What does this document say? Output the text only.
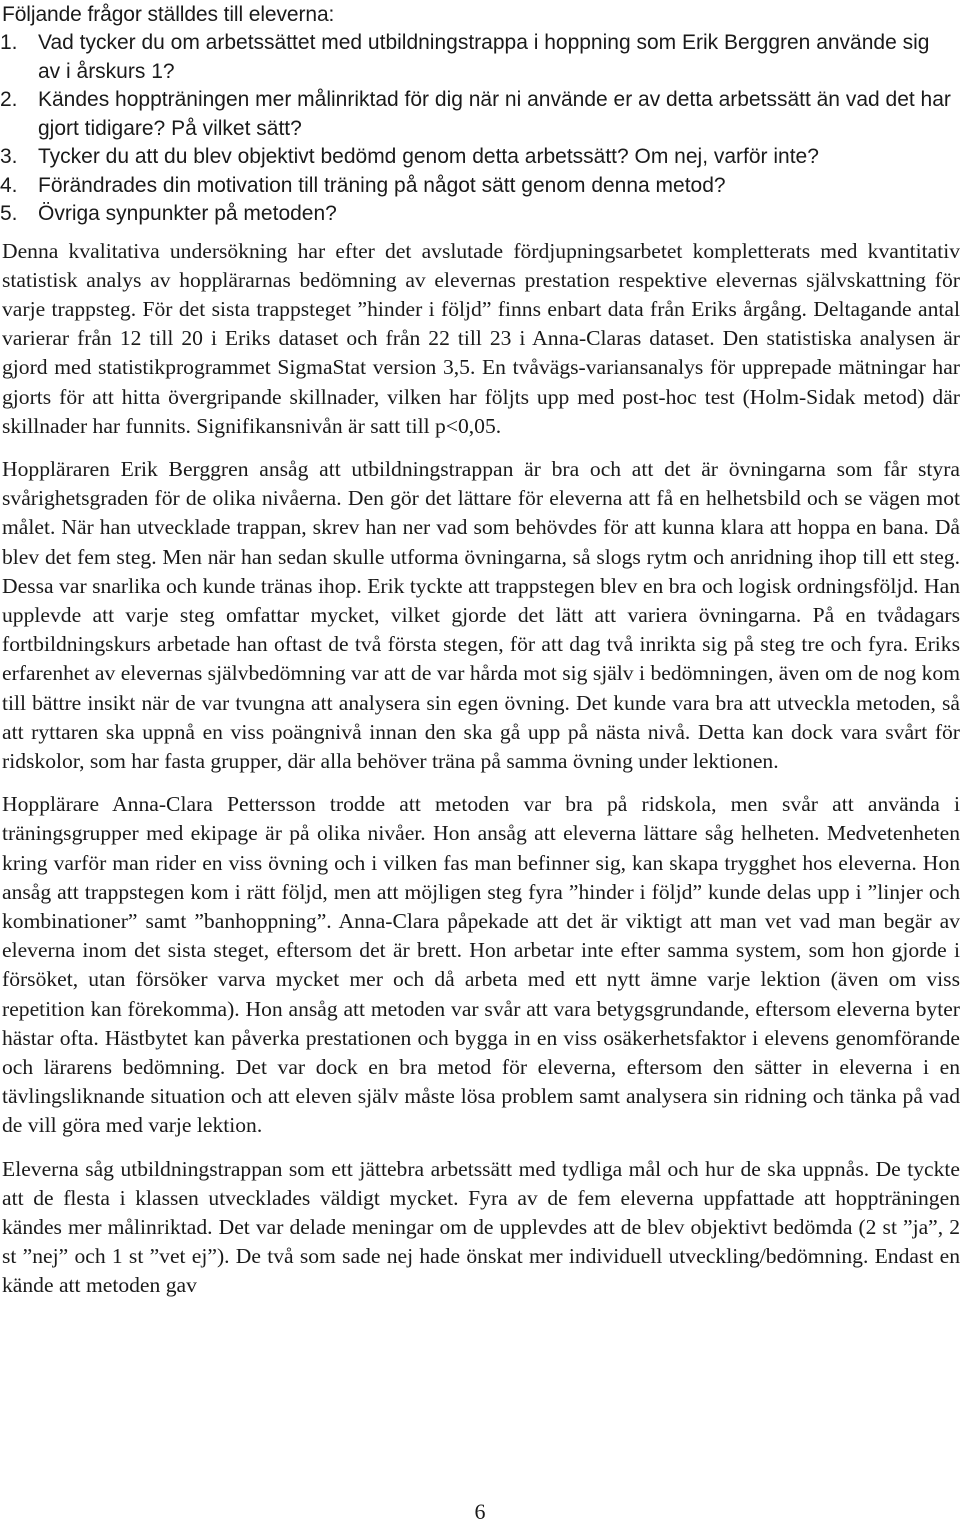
Följande frågor ställdes till eleverna:

1. Vad tycker du om arbetssättet med utbildningstrappa i hoppning som Erik Berggren använde sig av i årskurs 1?
2. Kändes hoppträningen mer målinriktad för dig när ni använde er av detta arbetssätt än vad det har gjort tidigare? På vilket sätt?
3. Tycker du att du blev objektivt bedömd genom detta arbetssätt? Om nej, varför inte?
4. Förändrades din motivation till träning på något sätt genom denna metod?
5. Övriga synpunkter på metoden?

Denna kvalitativa undersökning har efter det avslutade fördjupningsarbetet kompletterats med kvantitativ statistisk analys av hopplärarnas bedömning av elevernas prestation respektive elevernas självskattning för varje trappsteg. För det sista trappsteget ”hinder i följd” finns enbart data från Eriks årgång. Deltagande antal varierar från 12 till 20 i Eriks dataset och från 22 till 23 i Anna-Claras dataset. Den statistiska analysen är gjord med statistikprogrammet SigmaStat version 3,5. En tvåvägs-variansanalys för upprepade mätningar har gjorts för att hitta övergripande skillnader, vilken har följts upp med post-hoc test (Holm-Sidak metod) där skillnader har funnits. Signifikansnivån är satt till p<0,05.

Hoppläraren Erik Berggren ansåg att utbildningstrappan är bra och att det är övningarna som får styra svårighetsgraden för de olika nivåerna. Den gör det lättare för eleverna att få en helhetsbild och se vägen mot målet. När han utvecklade trappan, skrev han ner vad som behövdes för att kunna klara att hoppa en bana. Då blev det fem steg. Men när han sedan skulle utforma övningarna, så slogs rytm och anridning ihop till ett steg. Dessa var snarlika och kunde tränas ihop. Erik tyckte att trappstegen blev en bra och logisk ordningsföljd. Han upplevde att varje steg omfattar mycket, vilket gjorde det lätt att variera övningarna. På en tvådagars fortbildningskurs arbetade han oftast de två första stegen, för att dag två inrikta sig på steg tre och fyra. Eriks erfarenhet av elevernas självbedömning var att de var hårda mot sig själv i bedömningen, även om de nog kom till bättre insikt när de var tvungna att analysera sin egen övning. Det kunde vara bra att utveckla metoden, så att ryttaren ska uppnå en viss poängnivå innan den ska gå upp på nästa nivå. Detta kan dock vara svårt för ridskolor, som har fasta grupper, där alla behöver träna på samma övning under lektionen.

Hopplärare Anna-Clara Pettersson trodde att metoden var bra på ridskola, men svår att använda i träningsgrupper med ekipage är på olika nivåer. Hon ansåg att eleverna lättare såg helheten. Medvetenheten kring varför man rider en viss övning och i vilken fas man befinner sig, kan skapa trygghet hos eleverna. Hon ansåg att trappstegen kom i rätt följd, men att möjligen steg fyra ”hinder i följd” kunde delas upp i ”linjer och kombinationer” samt ”banhoppning”. Anna-Clara påpekade att det är viktigt att man vet vad man begär av eleverna inom det sista steget, eftersom det är brett. Hon arbetar inte efter samma system, som hon gjorde i försöket, utan försöker varva mycket mer och då arbeta med ett nytt ämne varje lektion (även om viss repetition kan förekomma). Hon ansåg att metoden var svår att vara betygsgrundande, eftersom eleverna byter hästar ofta. Hästbytet kan påverka prestationen och bygga in en viss osäkerhetsfaktor i elevens genomförande och lärarens bedömning. Det var dock en bra metod för eleverna, eftersom den sätter in eleverna i en tävlingsliknande situation och att eleven själv måste lösa problem samt analysera sin ridning och tänka på vad de vill göra med varje lektion.

Eleverna såg utbildningstrappan som ett jättebra arbetssätt med tydliga mål och hur de ska uppnås. De tyckte att de flesta i klassen utvecklades väldigt mycket. Fyra av de fem eleverna uppfattade att hoppträningen kändes mer målinriktad. Det var delade meningar om de upplevdes att de blev objektivt bedömda (2 st ”ja”, 2 st ”nej” och 1 st ”vet ej”). De två som sade nej hade önskat mer individuell utveckling/bedömning. Endast en kände att metoden gav

6
